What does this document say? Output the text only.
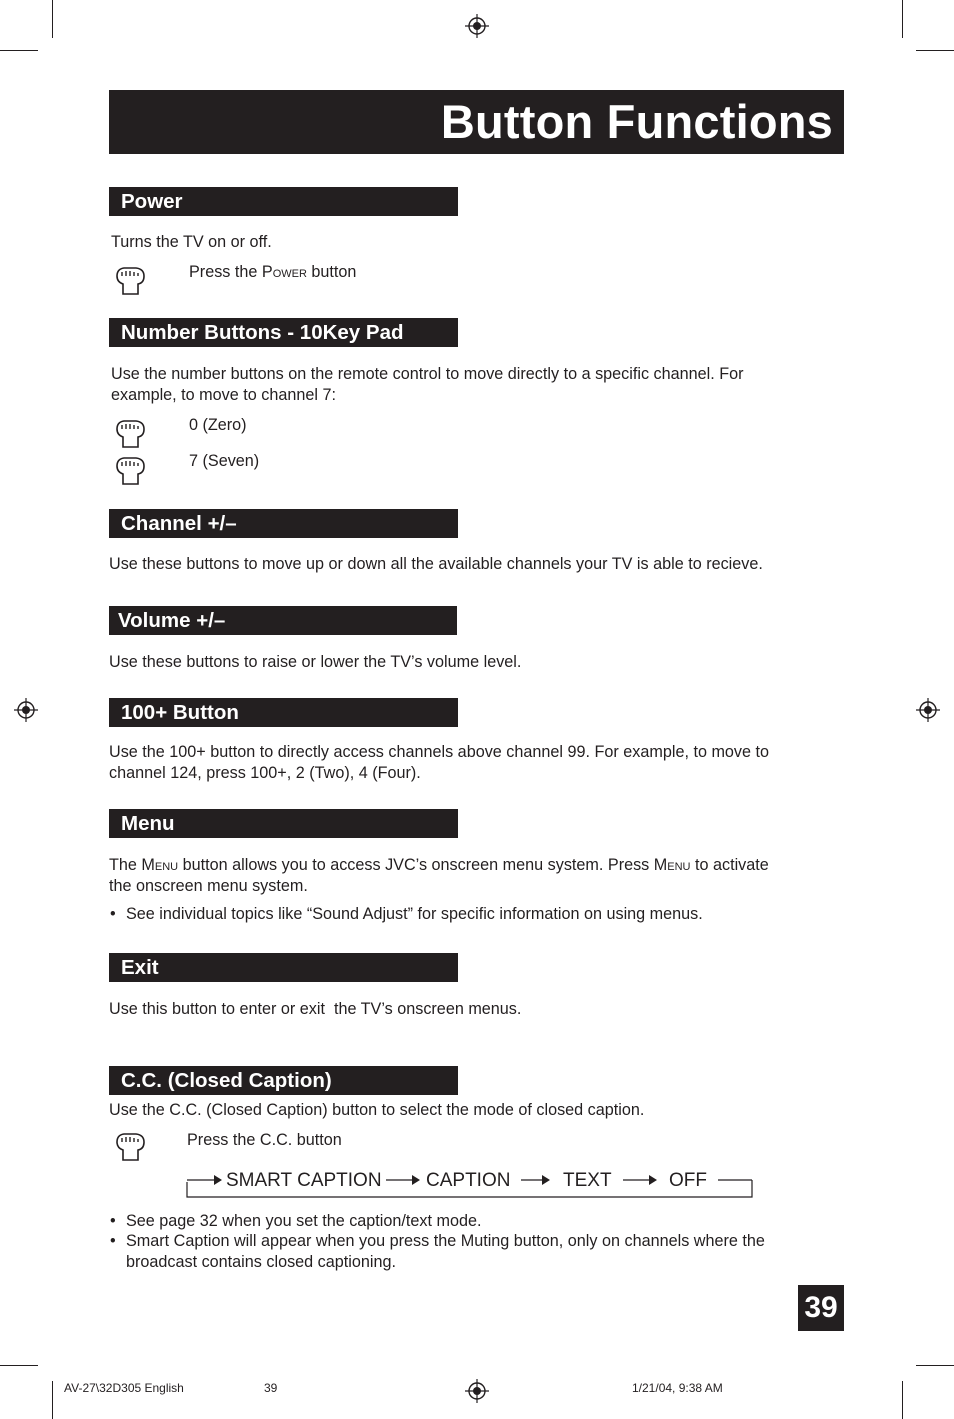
Button Functions
Power
Turns the TV on or off.
Press the Power button
Number Buttons - 10Key Pad
Use the number buttons on the remote control to move directly to a specific channel. For
example, to move to channel 7:
0 (Zero)
7 (Seven)
Channel +/–
Use these buttons to move up or down all the available channels your TV is able to recieve.
Volume +/–
Use these buttons to raise or lower the TV’s volume level.
100+ Button
Use the 100+ button to directly access channels above channel 99. For example, to move to
channel 124, press 100+, 2 (Two), 4 (Four).
Menu
The Menu button allows you to access JVC’s onscreen menu system. Press Menu to activate
the onscreen menu system.
• See individual topics like “Sound Adjust” for specific information on using menus.
Exit
Use this button to enter or exit  the TV’s onscreen menus.
C.C. (Closed Caption)
Use the C.C. (Closed Caption) button to select the mode of closed caption.
Press the C.C. button
SMART CAPTION CAPTION	TEXT	OFF
• See page 32 when you set the caption/text mode.
• Smart Caption will appear when you press the Muting button, only on channels where the
broadcast contains closed captioning.
39
AV-27\32D305 English	39	1/21/04, 9:38 AM
